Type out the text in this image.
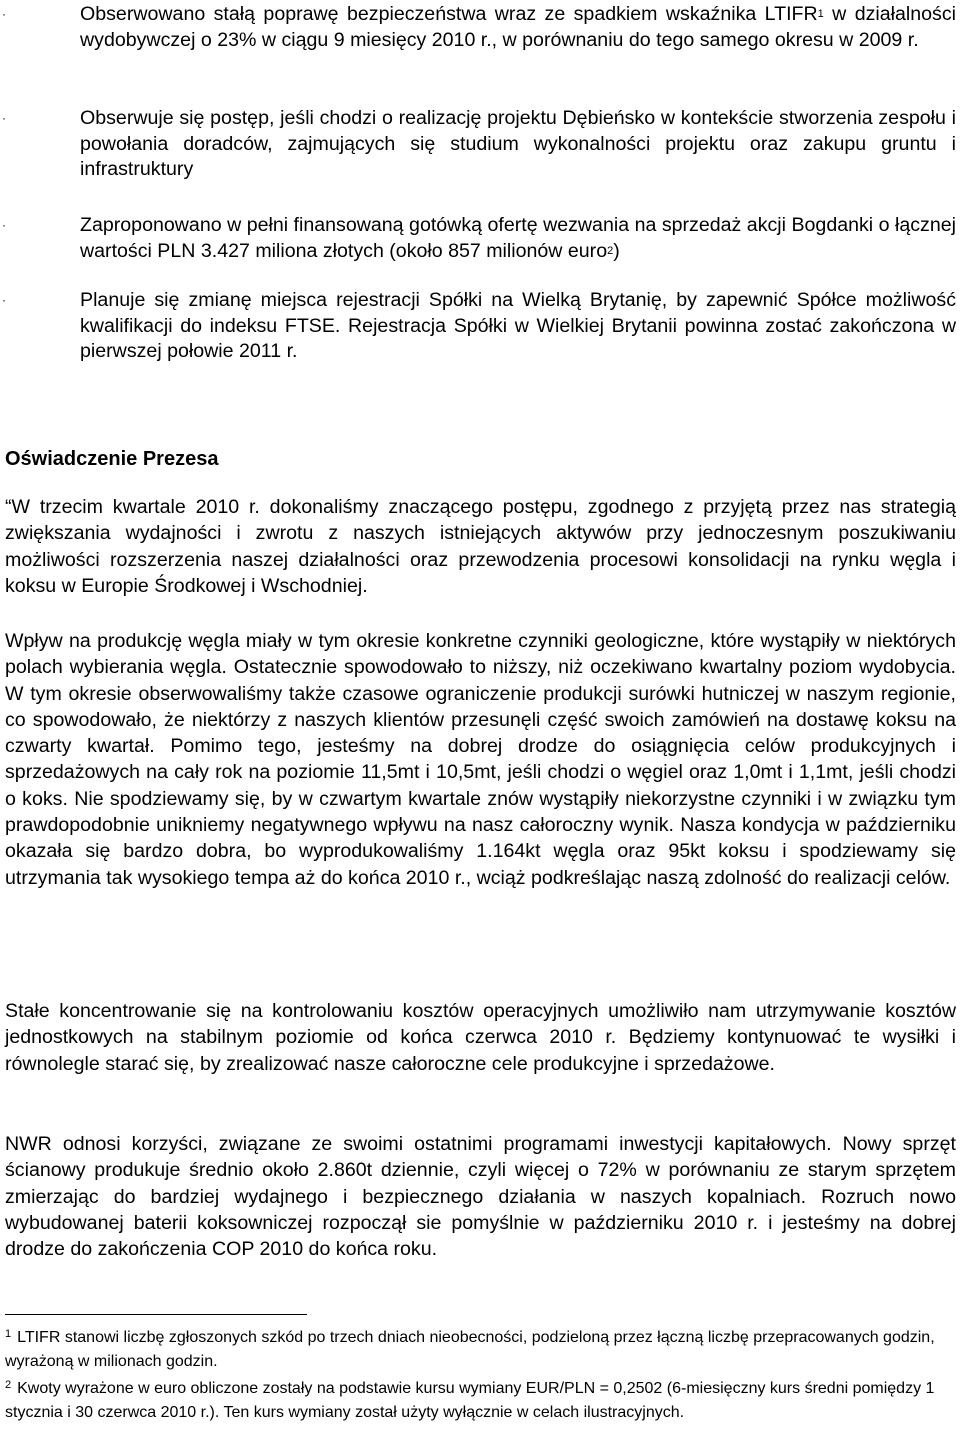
·	Obserwowano stałą poprawę bezpieczeństwa wraz ze spadkiem wskaźnika LTIFR$^1$ w działalności wydobywczej o 23% w ciągu 9 miesięcy 2010 r., w porównaniu do tego samego okresu w 2009 r.
·	Obserwuje się postęp, jeśli chodzi o realizację projektu Dębieńsko w kontekście stworzenia zespołu i powołania doradców, zajmujących się studium wykonalności projektu oraz zakupu gruntu i infrastruktury
·	Zaproponowano w pełni finansowaną gotówką ofertę wezwania na sprzedaż akcji Bogdanki o łącznej wartości PLN 3.427 miliona złotych (około 857 milionów euro$^2$)
·	Planuje się zmianę miejsca rejestracji Spółki na Wielką Brytanię, by zapewnić Spółce możliwość kwalifikacji do indeksu FTSE. Rejestracja Spółki w Wielkiej Brytanii powinna zostać zakończona w pierwszej połowie 2011 r.
Oświadczenie Prezesa
“W trzecim kwartale 2010 r. dokonaliśmy znaczącego postępu, zgodnego z przyjętą przez nas strategią zwiększania wydajności i zwrotu z naszych istniejących aktywów przy jednoczesnym poszukiwaniu możliwości rozszerzenia naszej działalności oraz przewodzenia procesowi konsolidacji na rynku węgla i koksu w Europie Środkowej i Wschodniej.
Wpływ na produkcję węgla miały w tym okresie konkretne czynniki geologiczne, które wystąpiły w niektórych polach wybierania węgla. Ostatecznie spowodowało to niższy, niż oczekiwano kwartalny poziom wydobycia. W tym okresie obserwowaliśmy także czasowe ograniczenie produkcji surówki hutniczej w naszym regionie, co spowodowało, że niektórzy z naszych klientów przesunęli część swoich zamówień na dostawę koksu na czwarty kwartał. Pomimo tego, jesteśmy na dobrej drodze do osiągnięcia celów produkcyjnych i sprzedażowych na cały rok na poziomie 11,5mt i 10,5mt, jeśli chodzi o węgiel oraz 1,0mt i 1,1mt, jeśli chodzi o koks. Nie spodziewamy się, by w czwartym kwartale znów wystąpiły niekorzystne czynniki i w związku tym prawdopodobnie unikniemy negatywnego wpływu na nasz całoroczny wynik. Nasza kondycja w październiku okazała się bardzo dobra, bo wyprodukowaliśmy 1.164kt węgla oraz 95kt koksu i spodziewamy się utrzymania tak wysokiego tempa aż do końca 2010 r., wciąż podkreślając naszą zdolność do realizacji celów.
Stałe koncentrowanie się na kontrolowaniu kosztów operacyjnych umożliwiło nam utrzymywanie kosztów jednostkowych na stabilnym poziomie od końca czerwca 2010 r. Będziemy kontynuować te wysiłki i równolegle starać się, by zrealizować nasze całoroczne cele produkcyjne i sprzedażowe.
NWR odnosi korzyści, związane ze swoimi ostatnimi programami inwestycji kapitałowych. Nowy sprzęt ścianowy produkuje średnio około 2.860t dziennie, czyli więcej o 72% w porównaniu ze starym sprzętem zmierzając do bardziej wydajnego i bezpiecznego działania w naszych kopalniach. Rozruch nowo wybudowanej baterii koksowniczej rozpoczął sie pomyślnie w październiku 2010 r. i jesteśmy na dobrej drodze do zakończenia COP 2010 do końca roku.
$^1$ LTIFR stanowi liczbę zgłoszonych szkód po trzech dniach nieobecności, podzieloną przez łączną liczbę przepracowanych godzin, wyrażoną w milionach godzin.
$^2$ Kwoty wyrażone w euro obliczone zostały na podstawie kursu wymiany EUR/PLN = 0,2502 (6-miesięczny kurs średni pomiędzy 1 stycznia i 30 czerwca 2010 r.). Ten kurs wymiany został użyty wyłącznie w celach ilustracyjnych.
